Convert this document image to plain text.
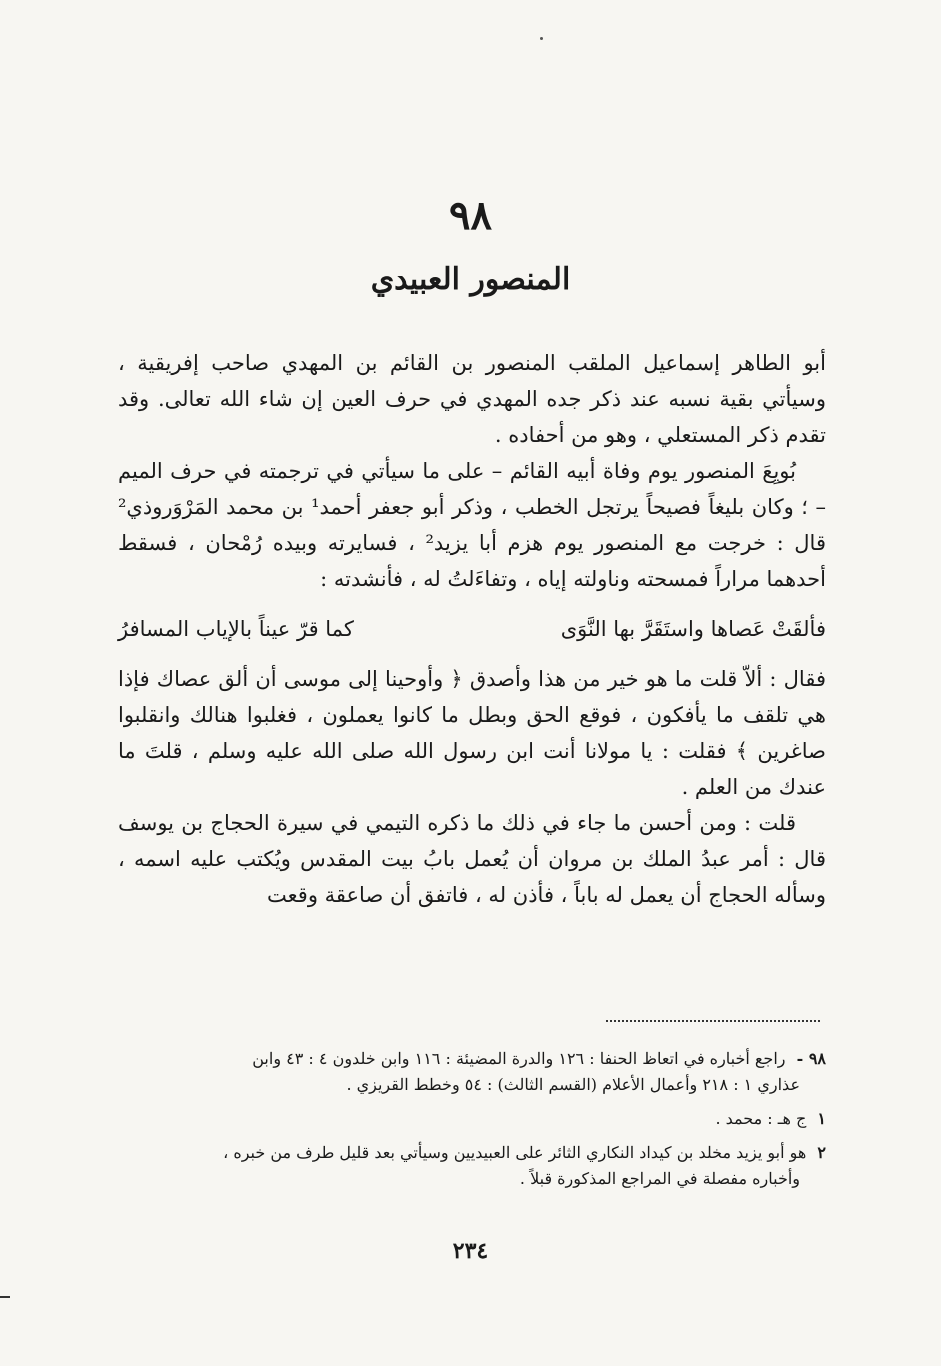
٩٨
المنصور العبيدي

أبو الطاهر إسماعيل الملقب المنصور بن القائم بن المهدي صاحب إفريقية ، وسيأتي بقية نسبه عند ذكر جده المهدي في حرف العين إن شاء الله تعالى. وقد تقدم ذكر المستعلي ، وهو من أحفاده .

بُويِعَ المنصور يوم وفاة أبيه القائم – على ما سيأتي في ترجمته في حرف الميم – ؛ وكان بليغاً فصيحاً يرتجل الخطب ، وذكر أبو جعفر أحمد¹ بن محمد المَرْوَروذي² قال : خرجت مع المنصور يوم هزم أبا يزيد² ، فسايرته وبيده رُمْحان ، فسقط أحدهما مراراً فمسحته وناولته إياه ، وتفاءَلتُ له ، فأنشدته :

فألقَتْ عَصاها واستَقَرَّ بها النَّوَى
كما قرّ عيناً بالإياب المسافرُ

فقال : ألاّ قلت ما هو خير من هذا وأصدق ﴿ وأوحينا إلى موسى أن ألق عصاك فإذا هي تلقف ما يأفكون ، فوقع الحق وبطل ما كانوا يعملون ، فغلبوا هنالك وانقلبوا صاغرين ﴾ فقلت : يا مولانا أنت ابن رسول الله صلى الله عليه وسلم ، قلتَ ما عندك من العلم .

قلت : ومن أحسن ما جاء في ذلك ما ذكره التيمي في سيرة الحجاج بن يوسف قال : أمر عبدُ الملك بن مروان أن يُعمل بابُ بيت المقدس ويُكتب عليه اسمه ، وسأله الحجاج أن يعمل له باباً ، فأذن له ، فاتفق أن صاعقة وقعت

٩٨ - راجع أخباره في اتعاظ الحنفا : ١٢٦ والدرة المضيئة : ١١٦ وابن خلدون ٤ : ٤٣ وابن
عذاري ١ : ٢١٨ وأعمال الأعلام (القسم الثالث) : ٥٤ وخطط القريزي .
١ ج هـ : محمد .
٢ هو أبو يزيد مخلد بن كيداد النكاري الثائر على العبيديين وسيأتي بعد قليل طرف من خبره ،
وأخباره مفصلة في المراجع المذكورة قبلاً .
٢٣٤
